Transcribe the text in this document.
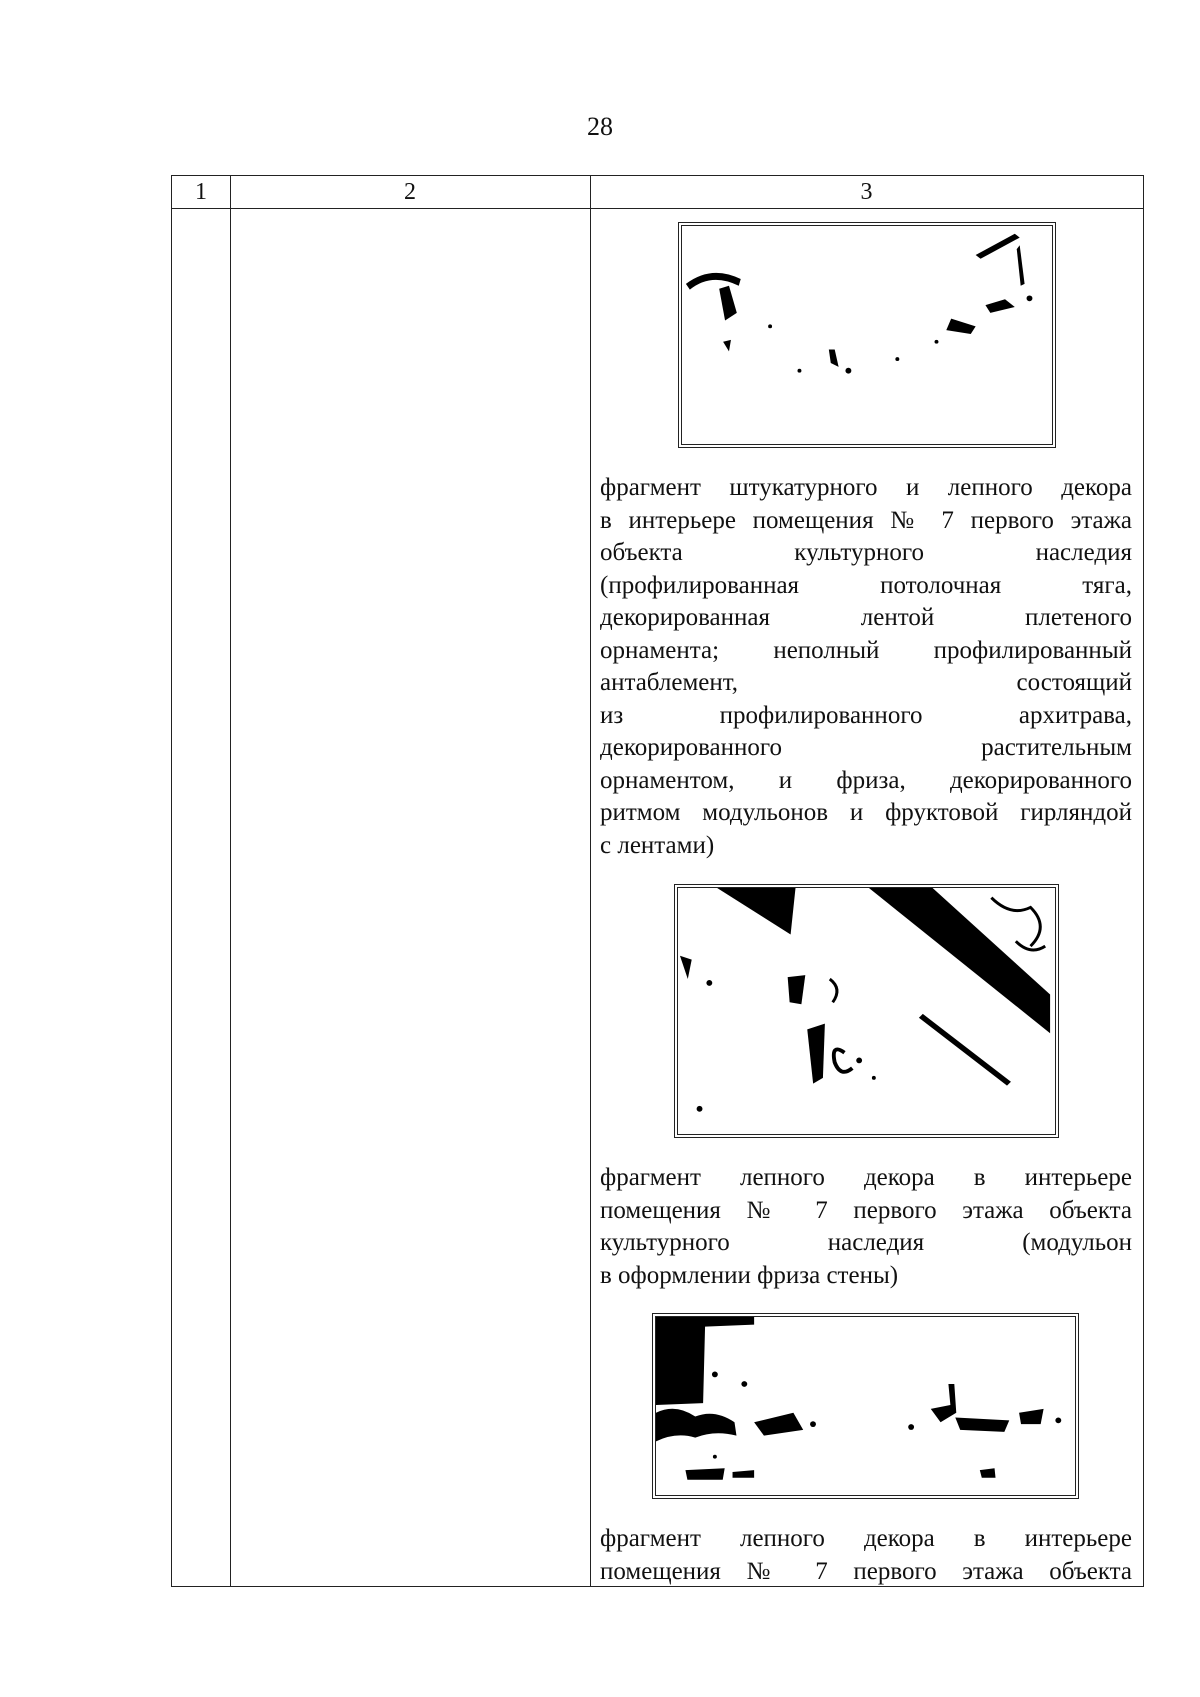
28
1	2	3
фрагмент штукатурного и лепного декора
в интерьере помещения № 7 первого этажа
объекта культурного наследия
(профилированная потолочная тяга,
декорированная лентой плетеного
орнамента; неполный профилированный
антаблемент, состоящий
из профилированного архитрава,
декорированного растительным
орнаментом, и фриза, декорированного
ритмом модульонов и фруктовой гирляндой
с лентами)
фрагмент лепного декора в интерьере
помещения № 7 первого этажа объекта
культурного наследия (модульон
в оформлении фриза стены)
фрагмент лепного декора в интерьере
помещения № 7 первого этажа объекта
